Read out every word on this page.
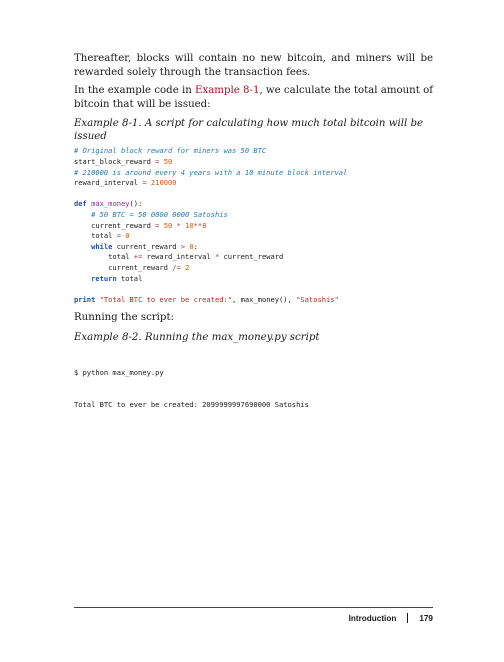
Thereafter, blocks will contain no new bitcoin, and miners will be rewarded solely through the transaction fees.

In the example code in Example 8-1, we calculate the total amount of bitcoin that will be issued:

Example 8-1. A script for calculating how much total bitcoin will be issued
# Original block reward for miners was 50 BTC
start_block_reward = 50
# 210000 is around every 4 years with a 10 minute block interval
reward_interval = 210000
def max_money():
# 50 BTC = 50 0000 0000 Satoshis
current_reward = 50 * 10**8
total = 0
while current_reward > 0:
total += reward_interval * current_reward
current_reward /= 2
return total
print "Total BTC to ever be created:", max_money(), "Satoshis"

Running the script:

Example 8-2. Running the max_money.py script

$ python max_money.py

Total BTC to ever be created: 2099999997690000 Satoshis

Introduction	179
